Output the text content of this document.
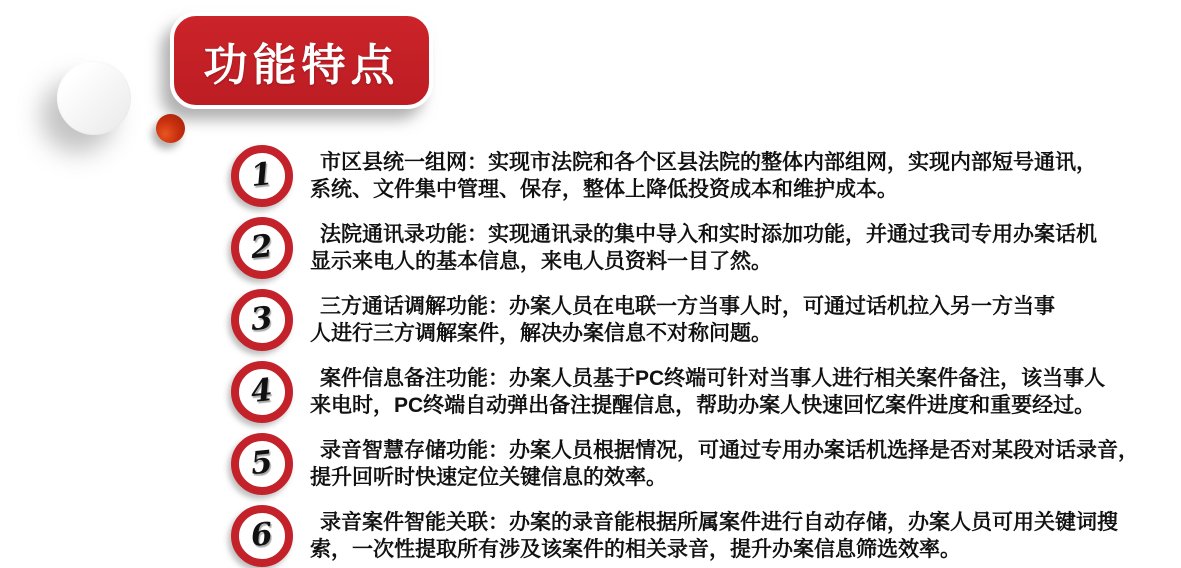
功能特点
1	市区县统一组网：实现市法院和各个区县法院的整体内部组网，实现内部短号通讯，
系统、文件集中管理、保存，整体上降低投资成本和维护成本。
2	法院通讯录功能：实现通讯录的集中导入和实时添加功能，并通过我司专用办案话机
显示来电人的基本信息，来电人员资料一目了然。
3	三方通话调解功能：办案人员在电联一方当事人时，可通过话机拉入另一方当事
人进行三方调解案件，解决办案信息不对称问题。
4	案件信息备注功能：办案人员基于PC终端可针对当事人进行相关案件备注，该当事人
来电时，PC终端自动弹出备注提醒信息，帮助办案人快速回忆案件进度和重要经过。
5	录音智慧存储功能：办案人员根据情况，可通过专用办案话机选择是否对某段对话录音，
提升回听时快速定位关键信息的效率。
6	录音案件智能关联：办案的录音能根据所属案件进行自动存储，办案人员可用关键词搜
索，一次性提取所有涉及该案件的相关录音，提升办案信息筛选效率。
